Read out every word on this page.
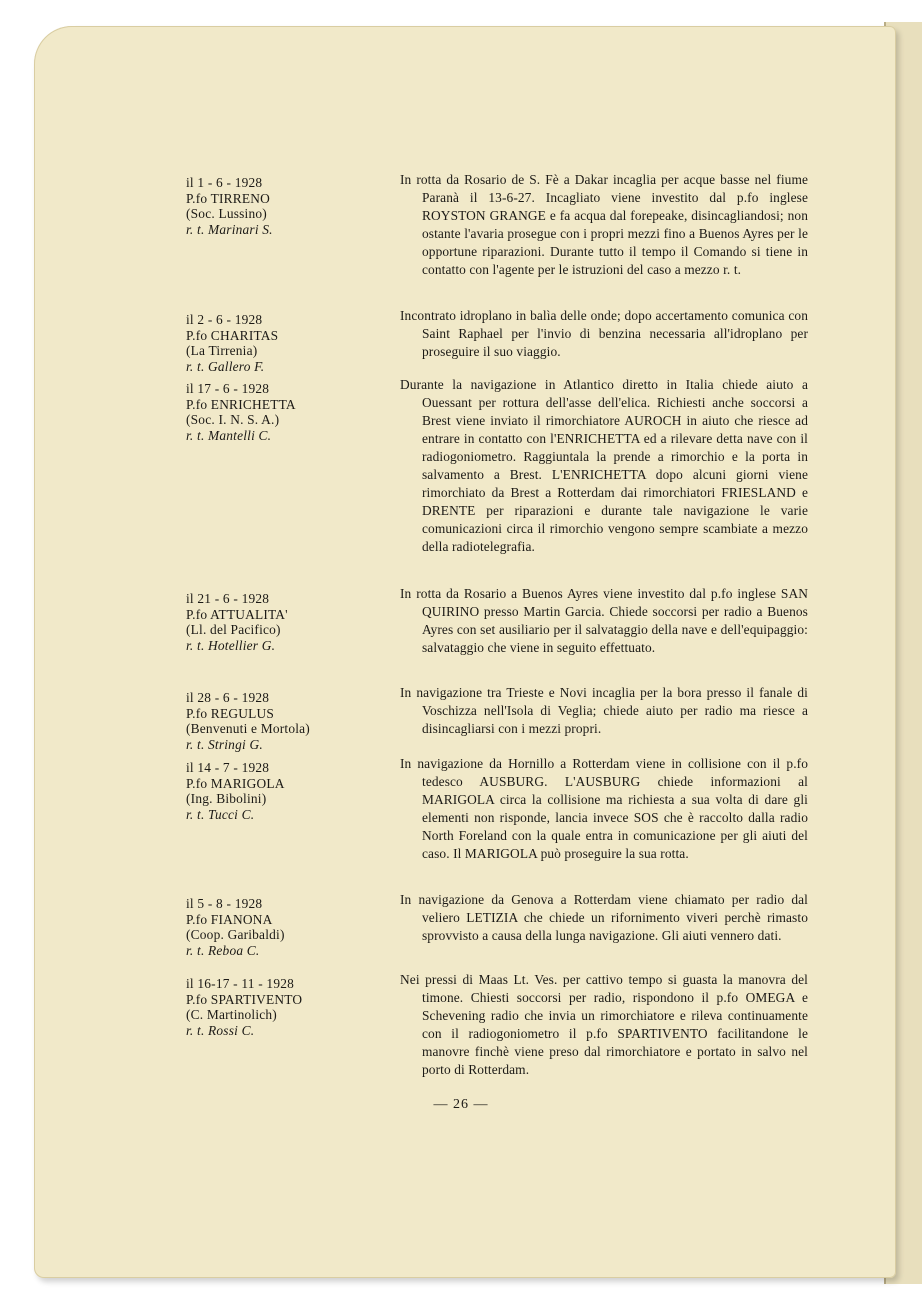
il 1 - 6 - 1928
P.fo TIRRENO
(Soc. Lussino)
r. t. Marinari S.
In rotta da Rosario de S. Fè a Dakar incaglia per acque basse nel fiume Paranà il 13-6-27. Incagliato viene investito dal p.fo inglese ROYSTON GRANGE e fa acqua dal forepeake, disincagliandosi; non ostante l'avaria prosegue con i propri mezzi fino a Buenos Ayres per le opportune riparazioni. Durante tutto il tempo il Comando si tiene in contatto con l'agente per le istruzioni del caso a mezzo r. t.
il 2 - 6 - 1928
P.fo CHARITAS
(La Tirrenia)
r. t. Gallero F.
Incontrato idroplano in balìa delle onde; dopo accertamento comunica con Saint Raphael per l'invio di benzina necessaria all'idroplano per proseguire il suo viaggio.
il 17 - 6 - 1928
P.fo ENRICHETTA
(Soc. I. N. S. A.)
r. t. Mantelli C.
Durante la navigazione in Atlantico diretto in Italia chiede aiuto a Ouessant per rottura dell'asse dell'elica. Richiesti anche soccorsi a Brest viene inviato il rimorchiatore AUROCH in aiuto che riesce ad entrare in contatto con l'ENRICHETTA ed a rilevare detta nave con il radiogoniometro. Raggiuntala la prende a rimorchio e la porta in salvamento a Brest. L'ENRICHETTA dopo alcuni giorni viene rimorchiato da Brest a Rotterdam dai rimorchiatori FRIESLAND e DRENTE per riparazioni e durante tale navigazione le varie comunicazioni circa il rimorchio vengono sempre scambiate a mezzo della radiotelegrafia.
il 21 - 6 - 1928
P.fo ATTUALITA'
(Ll. del Pacifico)
r. t. Hotellier G.
In rotta da Rosario a Buenos Ayres viene investito dal p.fo inglese SAN QUIRINO presso Martin Garcia. Chiede soccorsi per radio a Buenos Ayres con set ausiliario per il salvataggio della nave e dell'equipaggio: salvataggio che viene in seguito effettuato.
il 28 - 6 - 1928
P.fo REGULUS
(Benvenuti e Mortola)
r. t. Stringi G.
In navigazione tra Trieste e Novi incaglia per la bora presso il fanale di Voschizza nell'Isola di Veglia; chiede aiuto per radio ma riesce a disincagliarsi con i mezzi propri.
il 14 - 7 - 1928
P.fo MARIGOLA
(Ing. Bibolini)
r. t. Tucci C.
In navigazione da Hornillo a Rotterdam viene in collisione con il p.fo tedesco AUSBURG. L'AUSBURG chiede informazioni al MARIGOLA circa la collisione ma richiesta a sua volta di dare gli elementi non risponde, lancia invece SOS che è raccolto dalla radio North Foreland con la quale entra in comunicazione per gli aiuti del caso. Il MARIGOLA può proseguire la sua rotta.
il 5 - 8 - 1928
P.fo FIANONA
(Coop. Garibaldi)
r. t. Reboa C.
In navigazione da Genova a Rotterdam viene chiamato per radio dal veliero LETIZIA che chiede un rifornimento viveri perchè rimasto sprovvisto a causa della lunga navigazione. Gli aiuti vennero dati.
il 16-17 - 11 - 1928
P.fo SPARTIVENTO
(C. Martinolich)
r. t. Rossi C.
Nei pressi di Maas Lt. Ves. per cattivo tempo si guasta la manovra del timone. Chiesti soccorsi per radio, rispondono il p.fo OMEGA e Schevening radio che invia un rimorchiatore e rileva continuamente con il radiogoniometro il p.fo SPARTIVENTO facilitandone le manovre finchè viene preso dal rimorchiatore e portato in salvo nel porto di Rotterdam.
— 26 —
